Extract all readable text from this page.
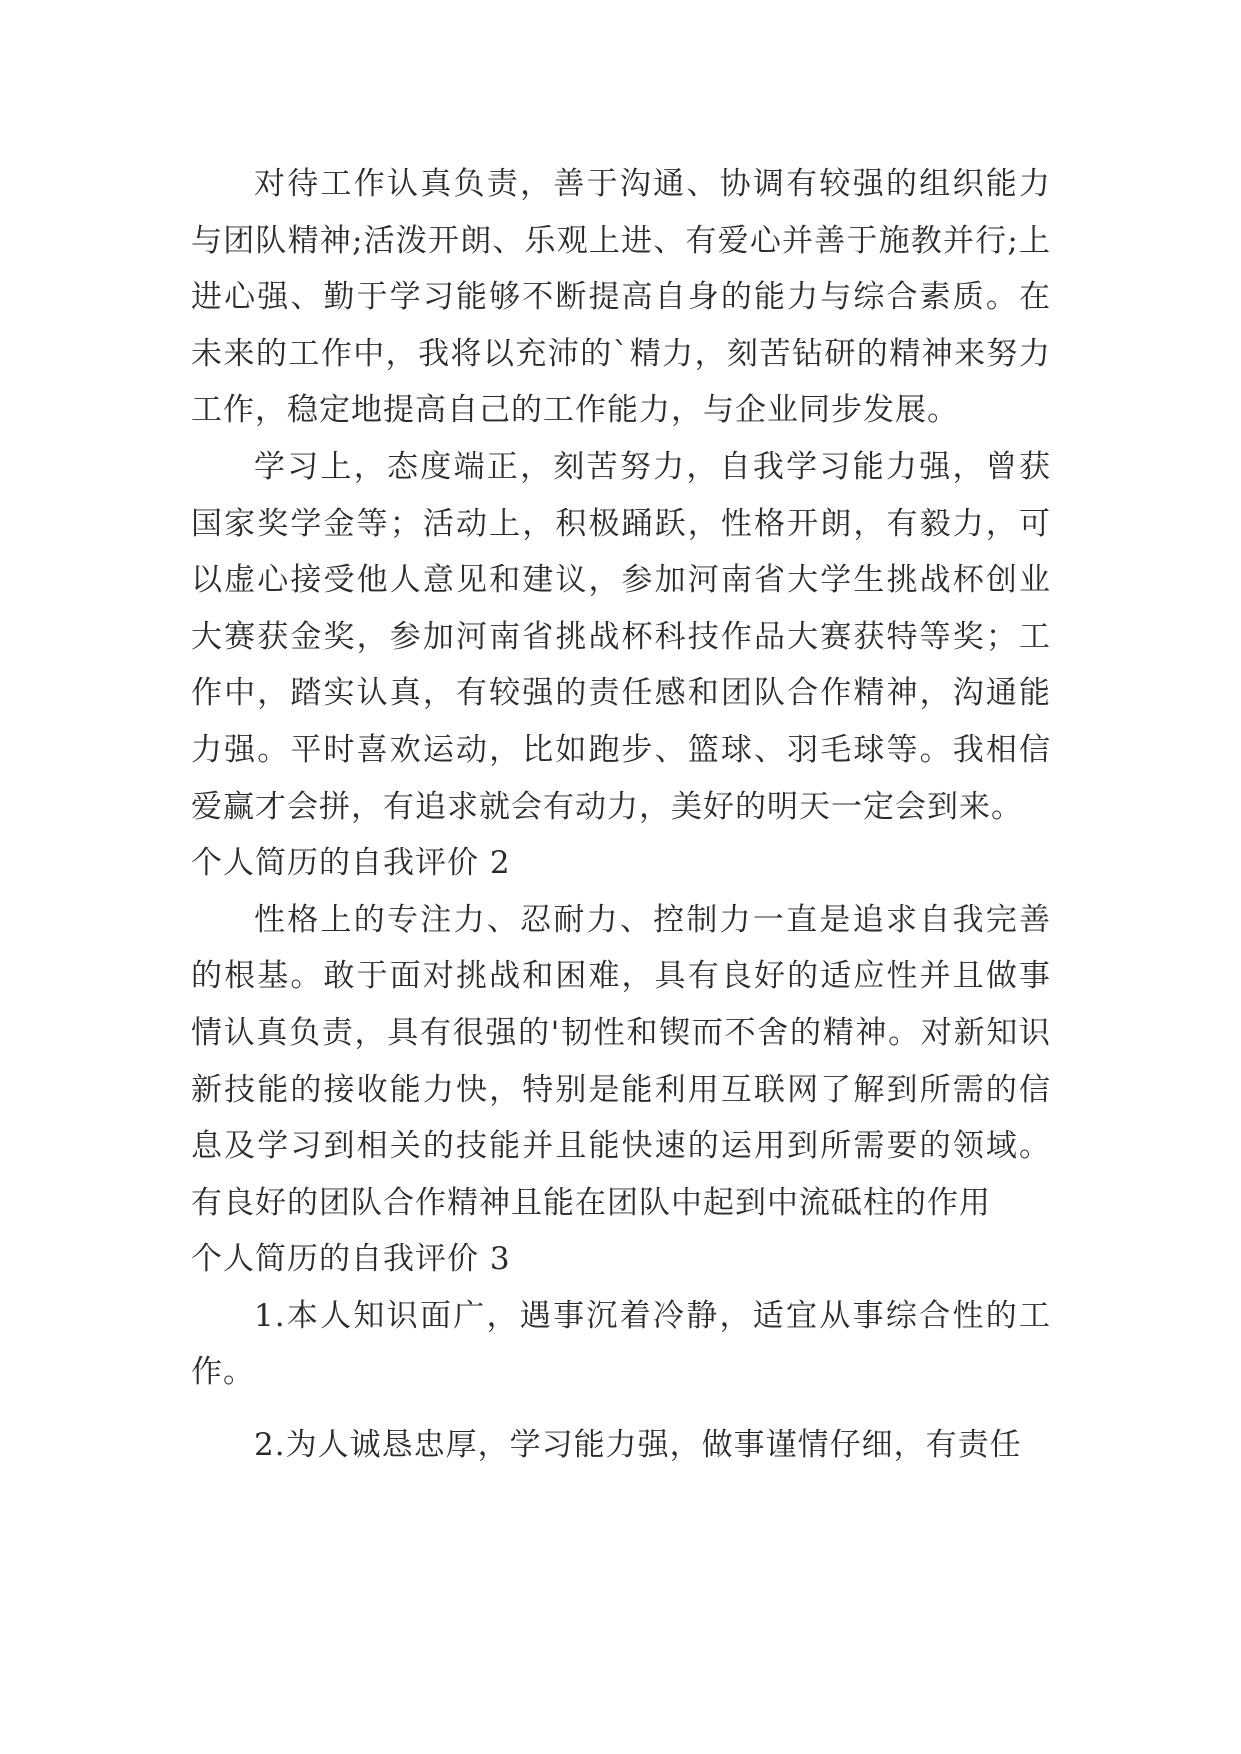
对待工作认真负责，善于沟通、协调有较强的组织能力与团队精神;活泼开朗、乐观上进、有爱心并善于施教并行;上进心强、勤于学习能够不断提高自身的能力与综合素质。在未来的工作中，我将以充沛的`精力，刻苦钻研的精神来努力工作，稳定地提高自己的工作能力，与企业同步发展。

学习上，态度端正，刻苦努力，自我学习能力强，曾获国家奖学金等；活动上，积极踊跃，性格开朗，有毅力，可以虚心接受他人意见和建议，参加河南省大学生挑战杯创业大赛获金奖，参加河南省挑战杯科技作品大赛获特等奖；工作中，踏实认真，有较强的责任感和团队合作精神，沟通能力强。平时喜欢运动，比如跑步、篮球、羽毛球等。我相信爱赢才会拼，有追求就会有动力，美好的明天一定会到来。

个人简历的自我评价 2

性格上的专注力、忍耐力、控制力一直是追求自我完善的根基。敢于面对挑战和困难，具有良好的适应性并且做事情认真负责，具有很强的'韧性和锲而不舍的精神。对新知识新技能的接收能力快，特别是能利用互联网了解到所需的信息及学习到相关的技能并且能快速的运用到所需要的领域。有良好的团队合作精神且能在团队中起到中流砥柱的作用

个人简历的自我评价 3

1.本人知识面广，遇事沉着冷静，适宜从事综合性的工作。

2.为人诚恳忠厚，学习能力强，做事谨情仔细，有责任
